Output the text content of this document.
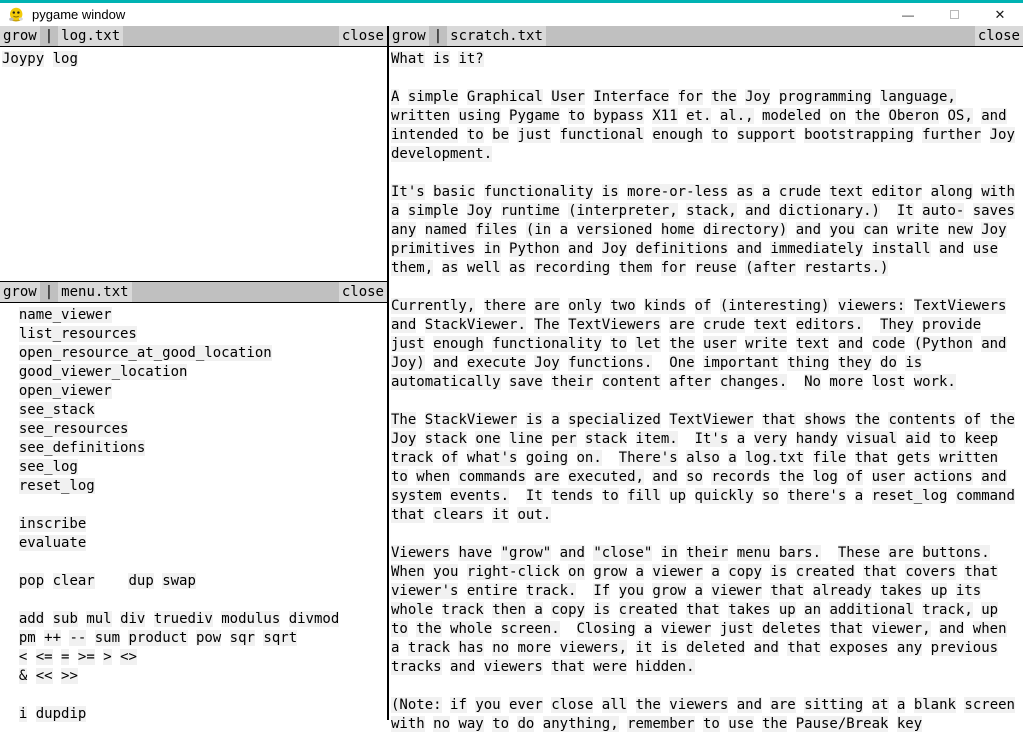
pygame window	—	✕
grow | log.txt	close
Joypy log
grow | menu.txt	close
name_viewer
list_resources
open_resource_at_good_location
good_viewer_location
open_viewer
see_stack
see_resources
see_definitions
see_log
reset_log
inscribe
evaluate
pop clear dup swap
add sub mul div truediv modulus divmod
pm ++ -- sum product pow sqr sqrt
< <= = >= > <>
& << >>
i dupdip
grow | scratch.txt	close
What is it?
A simple Graphical User Interface for the Joy programming language,
written using Pygame to bypass X11 et. al., modeled on the Oberon OS, and
intended to be just functional enough to support bootstrapping further Joy
development.
It's basic functionality is more-or-less as a crude text editor along with
a simple Joy runtime (interpreter, stack, and dictionary.) It auto- saves
any named files (in a versioned home directory) and you can write new Joy
primitives in Python and Joy definitions and immediately install and use
them, as well as recording them for reuse (after restarts.)
Currently, there are only two kinds of (interesting) viewers: TextViewers
and StackViewer. The TextViewers are crude text editors. They provide
just enough functionality to let the user write text and code (Python and
Joy) and execute Joy functions. One important thing they do is
automatically save their content after changes. No more lost work.
The StackViewer is a specialized TextViewer that shows the contents of the
Joy stack one line per stack item. It's a very handy visual aid to keep
track of what's going on. There's also a log.txt file that gets written
to when commands are executed, and so records the log of user actions and
system events. It tends to fill up quickly so there's a reset_log command
that clears it out.
Viewers have "grow" and "close" in their menu bars. These are buttons.
When you right-click on grow a viewer a copy is created that covers that
viewer's entire track. If you grow a viewer that already takes up its
whole track then a copy is created that takes up an additional track, up
to the whole screen. Closing a viewer just deletes that viewer, and when
a track has no more viewers, it is deleted and that exposes any previous
tracks and viewers that were hidden.
(Note: if you ever close all the viewers and are sitting at a blank screen
with no way to do anything, remember to use the Pause/Break key
